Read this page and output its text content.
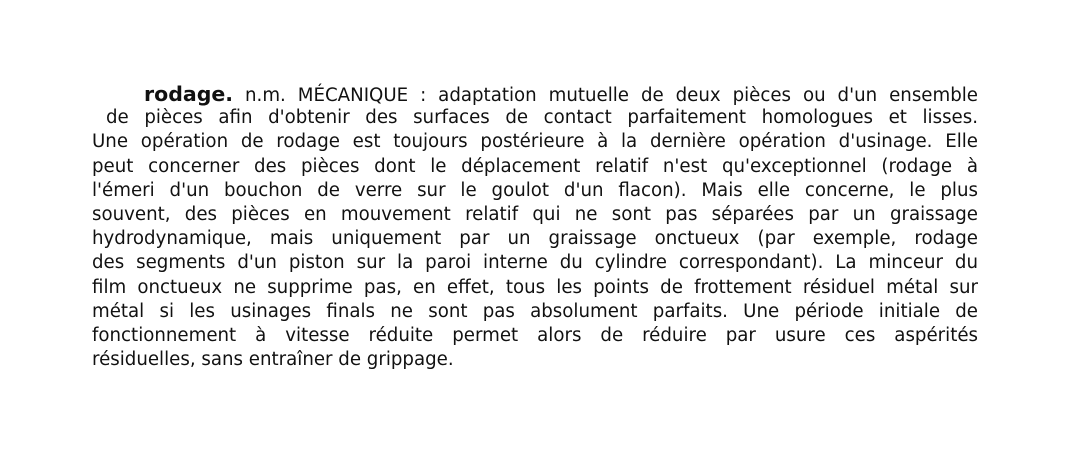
rodage. n.m. MÉCANIQUE : adaptation mutuelle de deux pièces ou d'un ensemble
de pièces afin d'obtenir des surfaces de contact parfaitement homologues et lisses.
Une opération de rodage est toujours postérieure à la dernière opération d'usinage. Elle
peut concerner des pièces dont le déplacement relatif n'est qu'exceptionnel (rodage à
l'émeri d'un bouchon de verre sur le goulot d'un flacon). Mais elle concerne, le plus
souvent, des pièces en mouvement relatif qui ne sont pas séparées par un graissage
hydrodynamique, mais uniquement par un graissage onctueux (par exemple, rodage
des segments d'un piston sur la paroi interne du cylindre correspondant). La minceur du
film onctueux ne supprime pas, en effet, tous les points de frottement résiduel métal sur
métal si les usinages finals ne sont pas absolument parfaits. Une période initiale de
fonctionnement à vitesse réduite permet alors de réduire par usure ces aspérités
résiduelles, sans entraîner de grippage.
